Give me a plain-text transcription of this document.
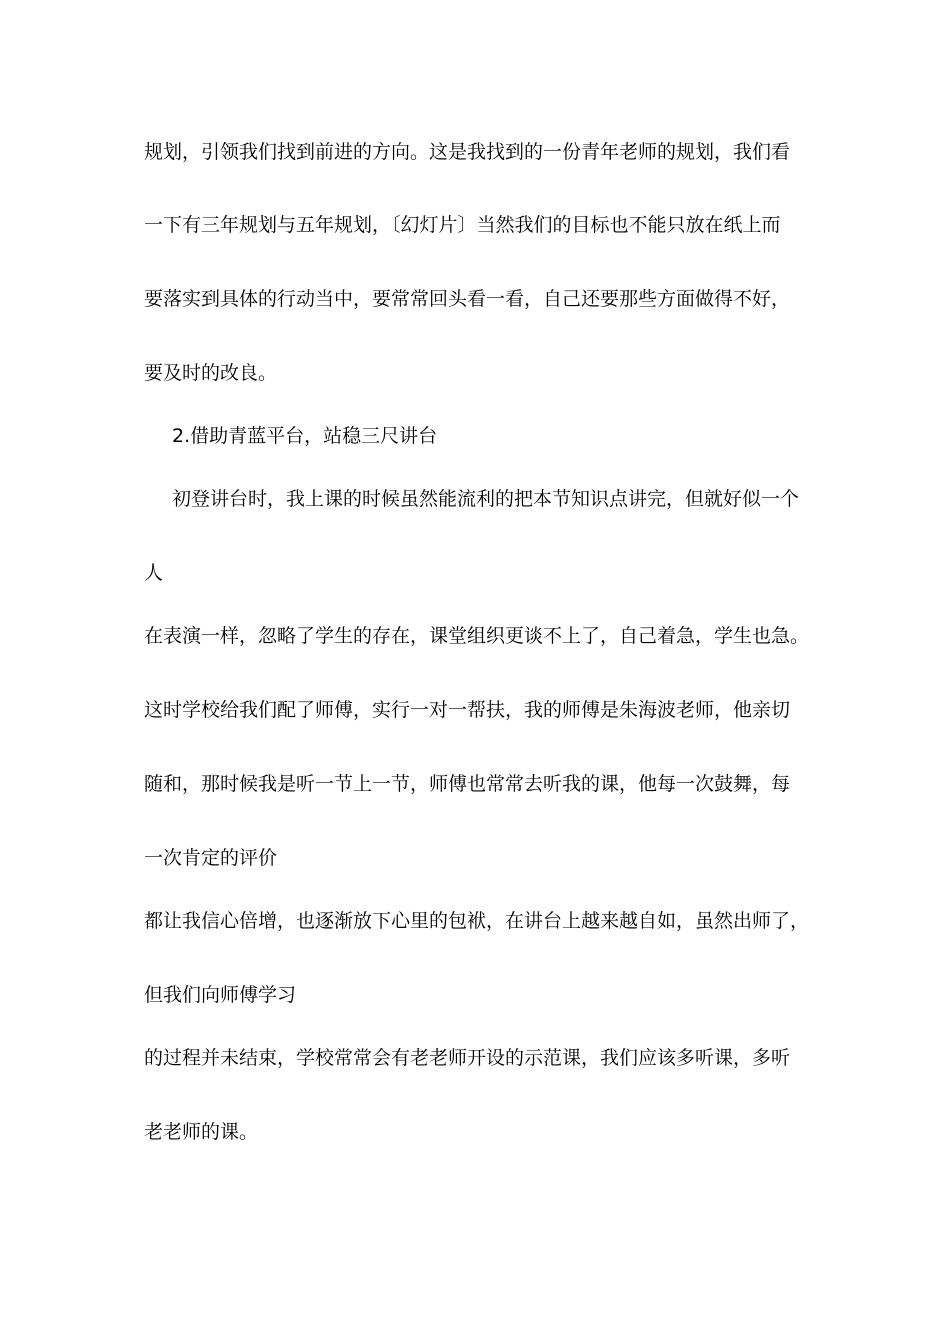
规划，引领我们找到前进的方向。这是我找到的一份青年老师的规划，我们看
一下有三年规划与五年规划，〔幻灯片〕当然我们的目标也不能只放在纸上而
要落实到具体的行动当中，要常常回头看一看，自己还要那些方面做得不好，
要及时的改良。
2.借助青蓝平台，站稳三尺讲台
初登讲台时，我上课的时候虽然能流利的把本节知识点讲完，但就好似一个
人
在表演一样，忽略了学生的存在，课堂组织更谈不上了，自己着急，学生也急。
这时学校给我们配了师傅，实行一对一帮扶，我的师傅是朱海波老师，他亲切
随和，那时候我是听一节上一节，师傅也常常去听我的课，他每一次鼓舞，每
一次肯定的评价
都让我信心倍增，也逐渐放下心里的包袱，在讲台上越来越自如，虽然出师了，
但我们向师傅学习
的过程并未结束，学校常常会有老老师开设的示范课，我们应该多听课，多听
老老师的课。
